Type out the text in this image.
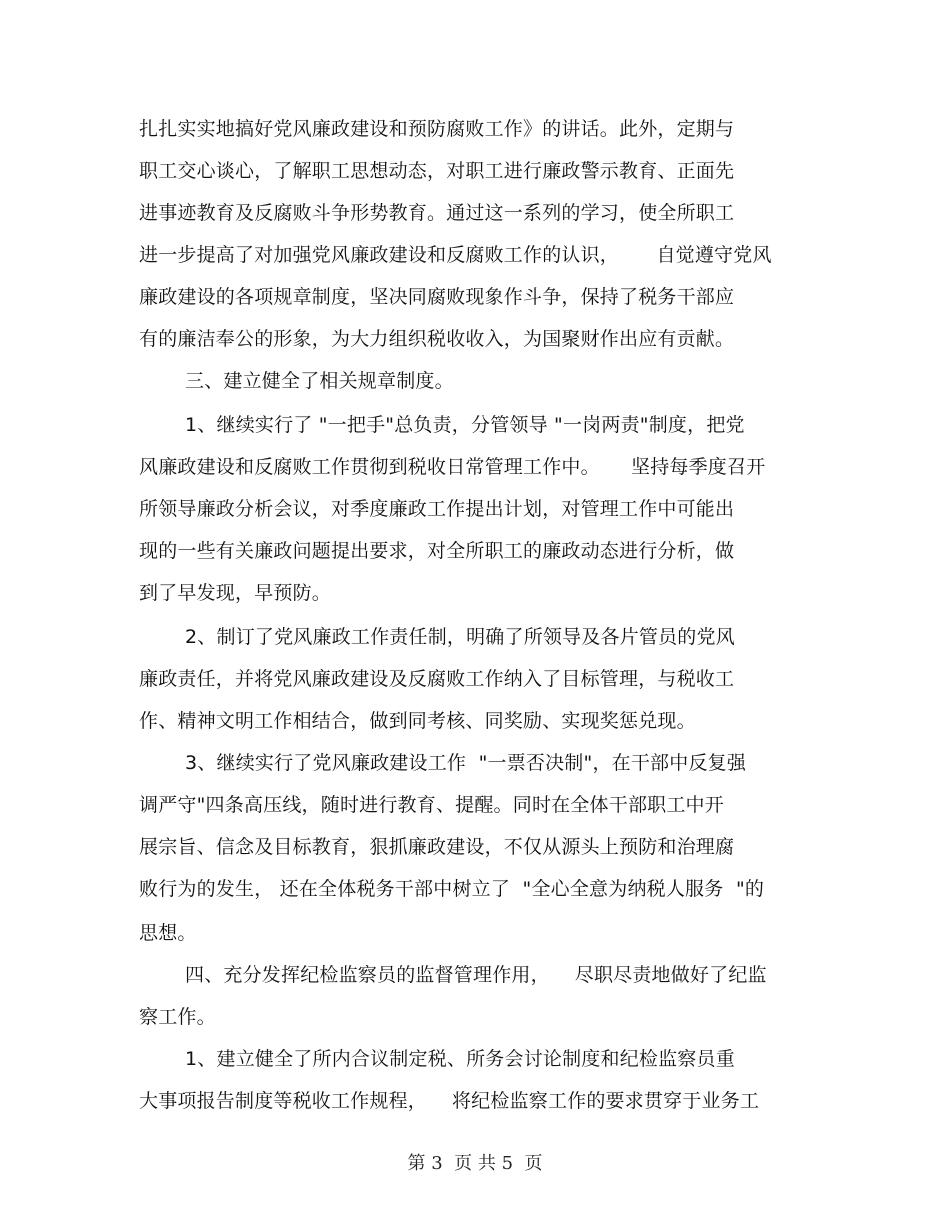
扎扎实实地搞好党风廉政建设和预防腐败工作》的讲话。此外，定期与
职工交心谈心，了解职工思想动态，对职工进行廉政警示教育、正面先
进事迹教育及反腐败斗争形势教育。通过这一系列的学习，使全所职工
进一步提高了对加强党风廉政建设和反腐败工作的认识，      自觉遵守党风
廉政建设的各项规章制度，坚决同腐败现象作斗争，保持了税务干部应
有的廉洁奉公的形象，为大力组织税收收入，为国聚财作出应有贡献。
三、建立健全了相关规章制度。
1、继续实行了 "一把手"总负责，分管领导 "一岗两责"制度，把党
风廉政建设和反腐败工作贯彻到税收日常管理工作中。     坚持每季度召开
所领导廉政分析会议，对季度廉政工作提出计划，对管理工作中可能出
现的一些有关廉政问题提出要求，对全所职工的廉政动态进行分析，做
到了早发现，早预防。
2、制订了党风廉政工作责任制，明确了所领导及各片管员的党风
廉政责任，并将党风廉政建设及反腐败工作纳入了目标管理，与税收工
作、精神文明工作相结合，做到同考核、同奖励、实现奖惩兑现。
3、继续实行了党风廉政建设工作  "一票否决制"，在干部中反复强
调严守"四条高压线，随时进行教育、提醒。同时在全体干部职工中开
展宗旨、信念及目标教育，狠抓廉政建设，不仅从源头上预防和治理腐
败行为的发生， 还在全体税务干部中树立了  "全心全意为纳税人服务  "的
思想。
四、充分发挥纪检监察员的监督管理作用，    尽职尽责地做好了纪监
察工作。
1、建立健全了所内合议制定税、所务会讨论制度和纪检监察员重
大事项报告制度等税收工作规程，    将纪检监察工作的要求贯穿于业务工
第 3  页 共 5  页
